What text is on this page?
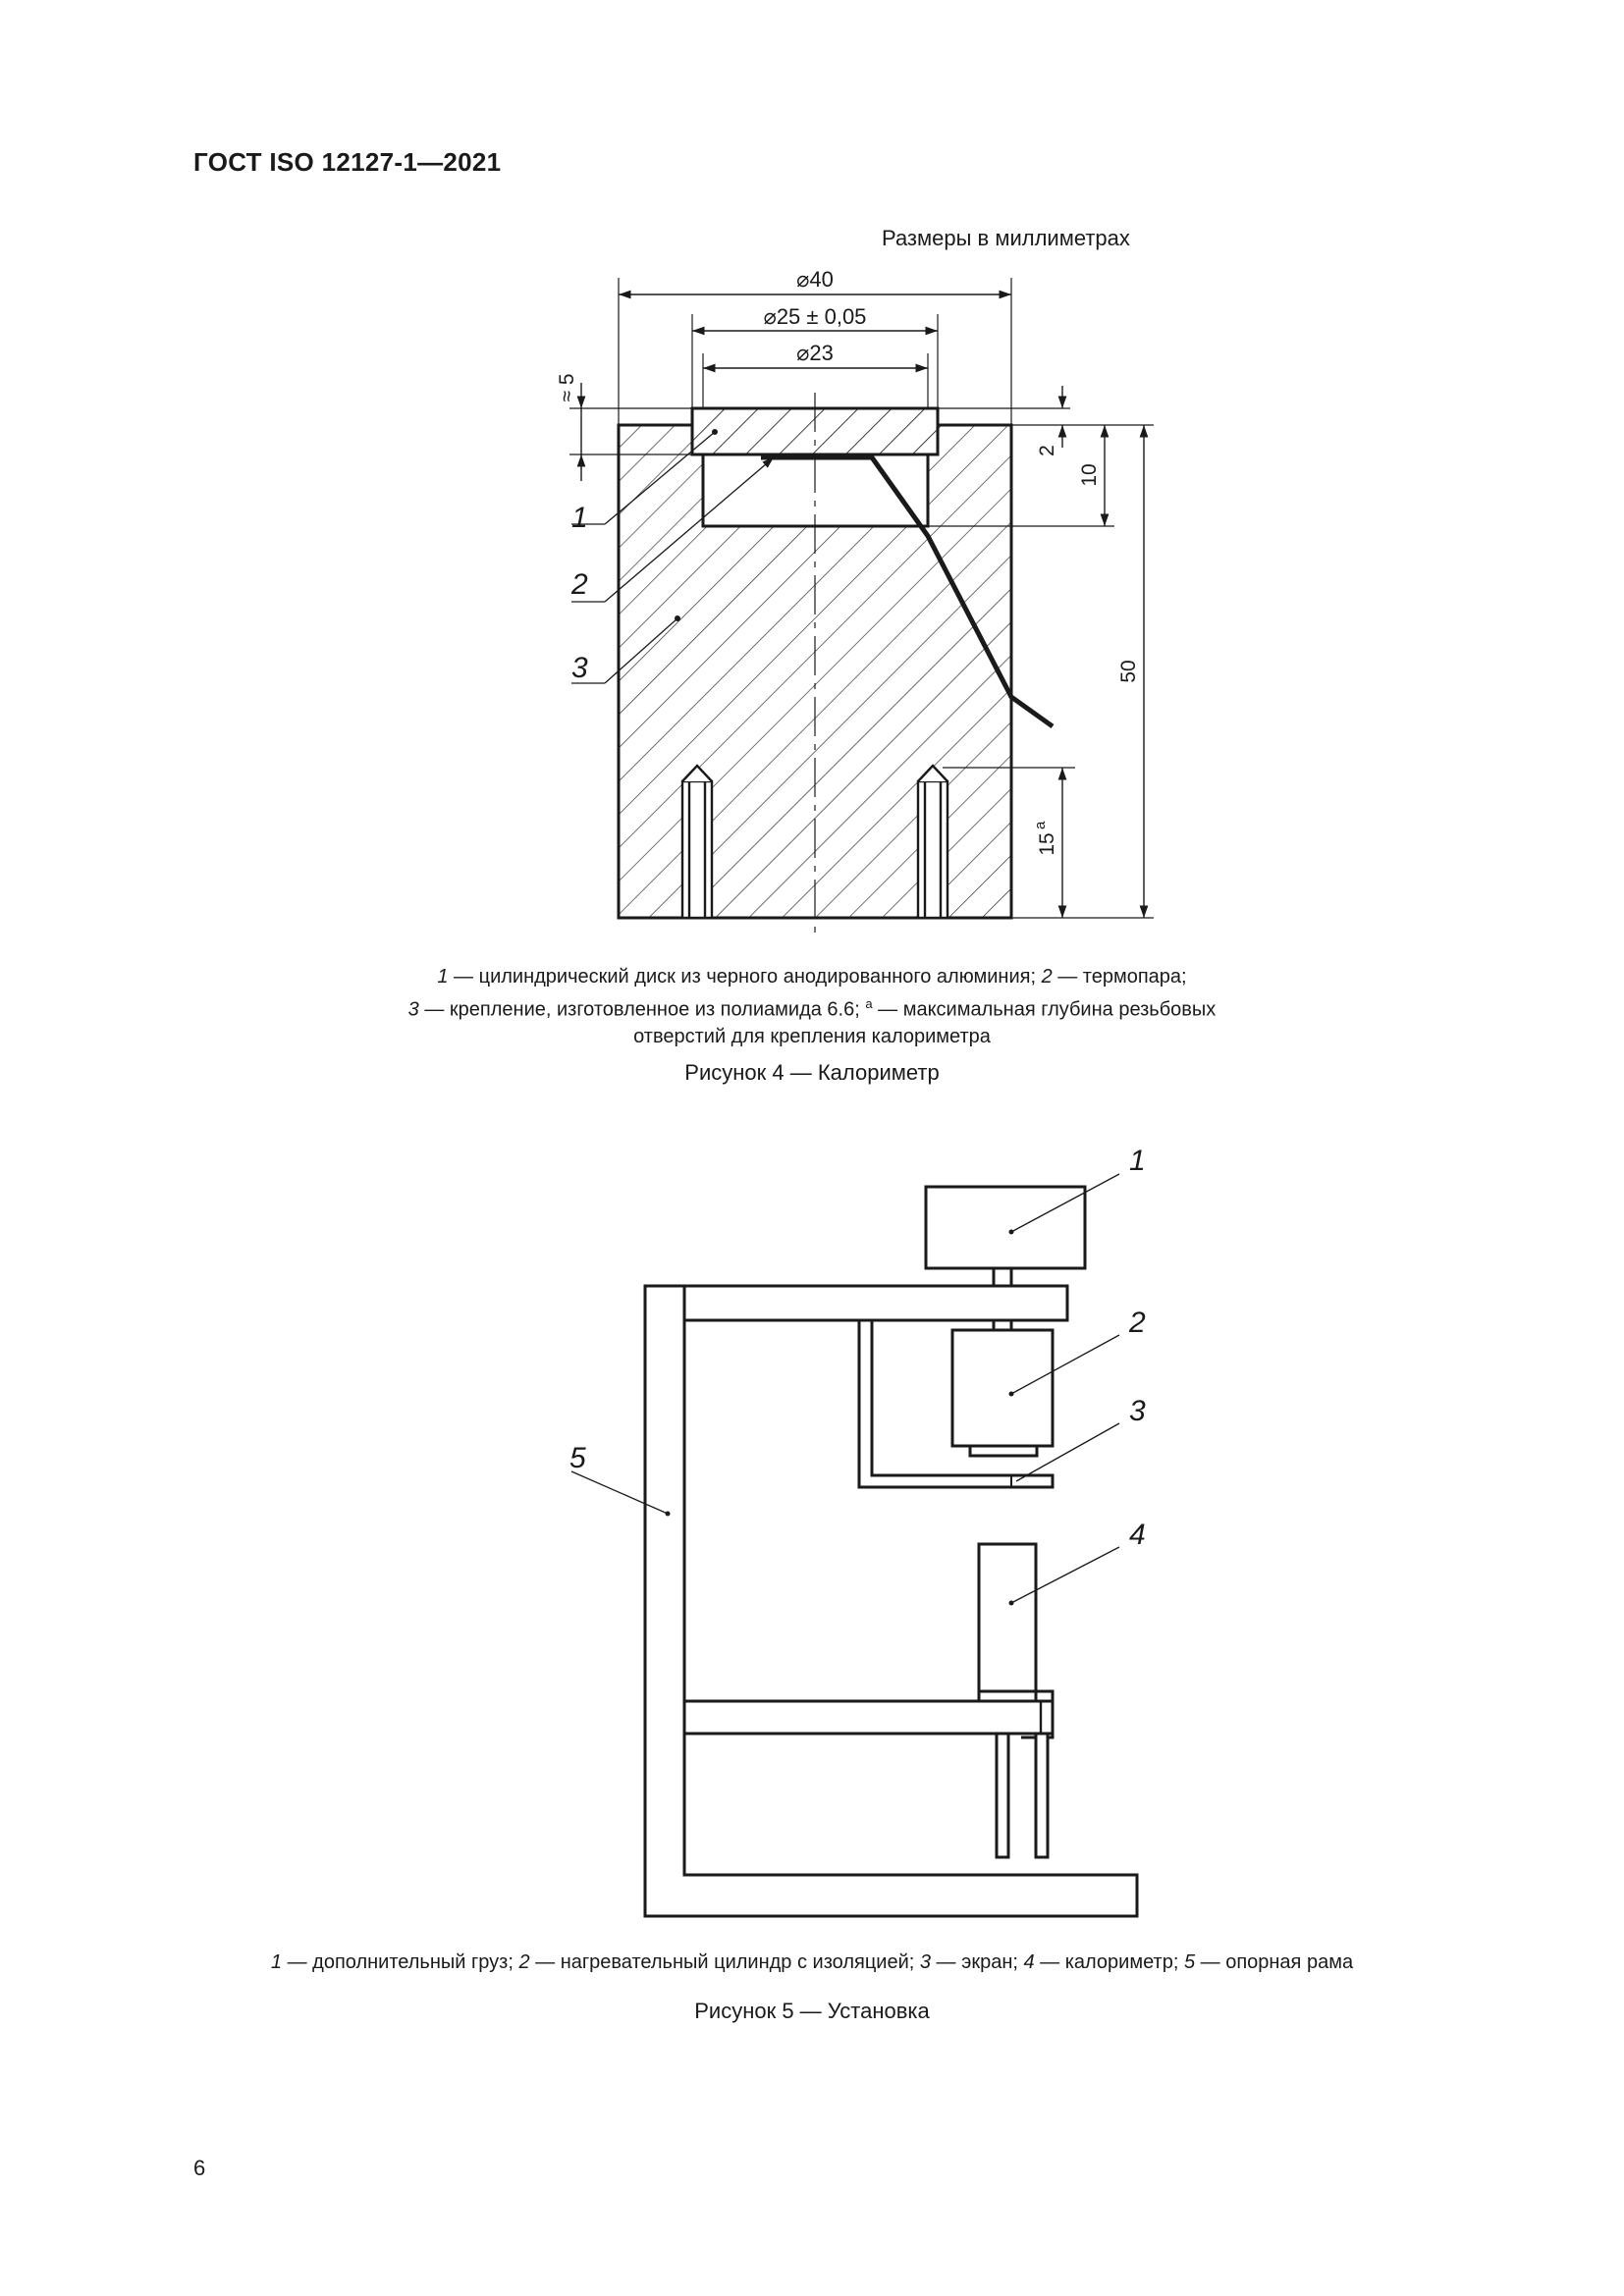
ГОСТ ISO 12127-1—2021
Размеры в миллиметрах
⌀40
⌀25 ± 0,05
⌀23
≈ 5
2
10
50
15
a
1
2
3
1
2
3
4
5
1 — цилиндрический диск из черного анодированного алюминия; 2 — термопара;
3 — крепление, изготовленное из полиамида 6.6; $^a$ — максимальная глубина резьбовых отверстий для крепления калориметра
Рисунок 4 — Калориметр
1 — дополнительный груз; 2 — нагревательный цилиндр с изоляцией; 3 — экран; 4 — калориметр; 5 — опорная рама
Рисунок 5 — Установка
6
